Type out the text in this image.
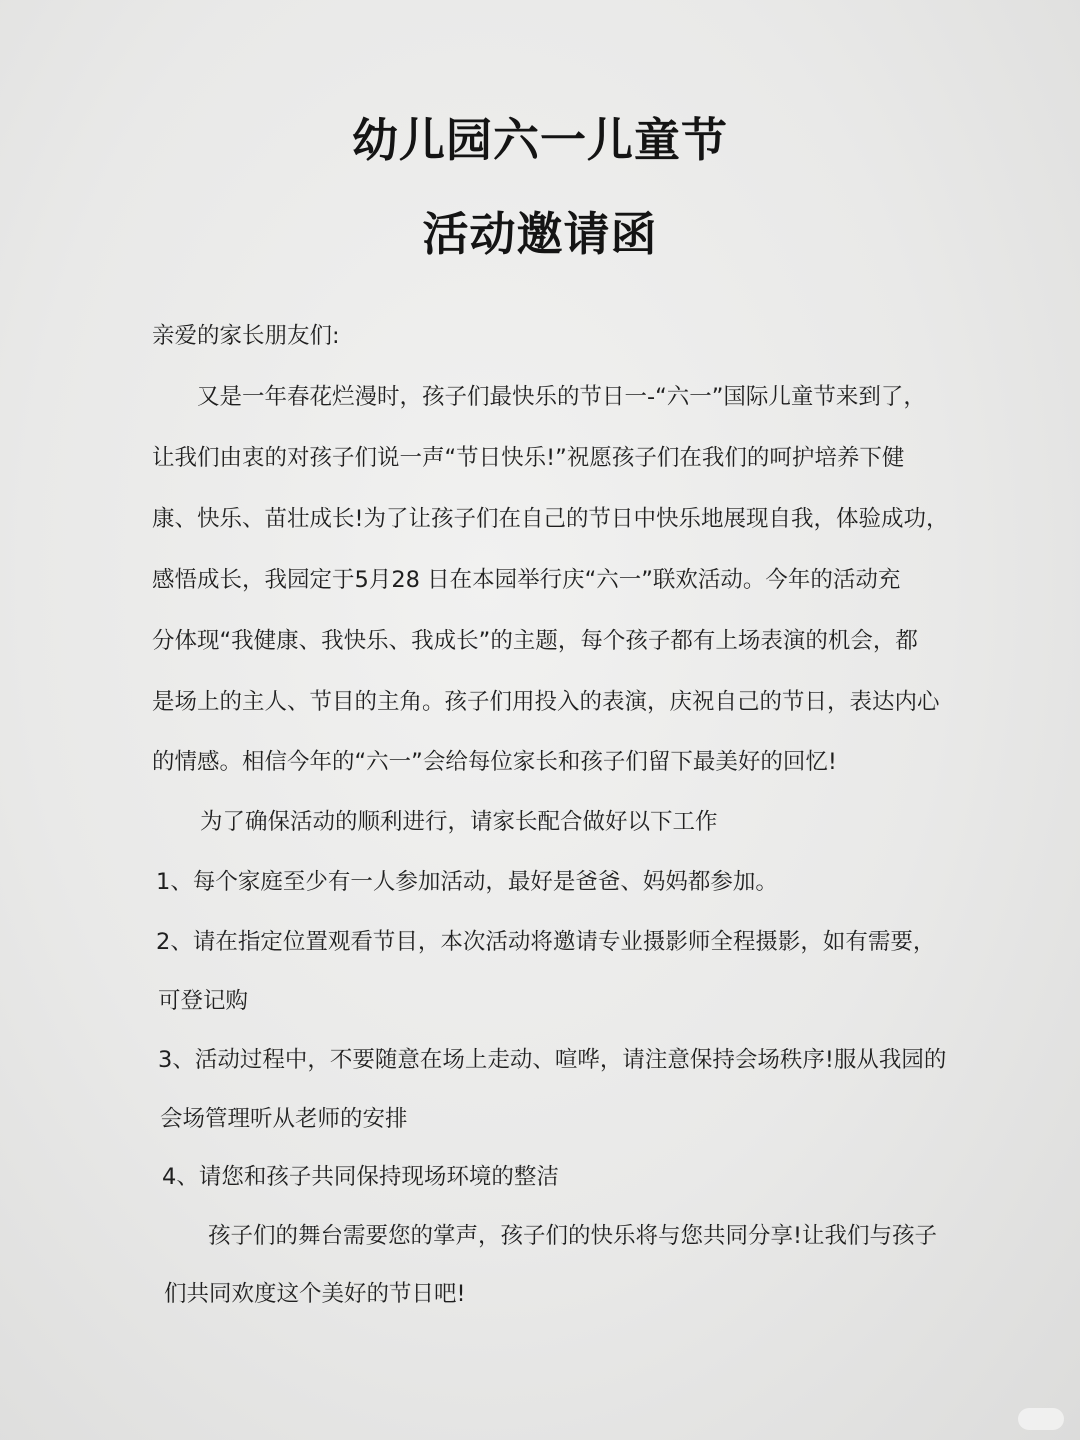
幼儿园六一儿童节
活动邀请函

亲爱的家长朋友们:

又是一年春花烂漫时，孩子们最快乐的节日一-“六一”国际儿童节来到了，

让我们由衷的对孩子们说一声“节日快乐!”祝愿孩子们在我们的呵护培养下健

康、快乐、苗壮成长!为了让孩子们在自己的节日中快乐地展现自我，体验成功，

感悟成长，我园定于5月28 日在本园举行庆“六一”联欢活动。今年的活动充

分体现“我健康、我快乐、我成长”的主题，每个孩子都有上场表演的机会，都

是场上的主人、节目的主角。孩子们用投入的表演，庆祝自己的节日，表达内心

的情感。相信今年的“六一”会给每位家长和孩子们留下最美好的回忆!

为了确保活动的顺利进行，请家长配合做好以下工作

1、每个家庭至少有一人参加活动，最好是爸爸、妈妈都参加。

2、请在指定位置观看节目，本次活动将邀请专业摄影师全程摄影，如有需要，

可登记购

3、活动过程中，不要随意在场上走动、喧哗，请注意保持会场秩序!服从我园的

会场管理听从老师的安排

4、请您和孩子共同保持现场环境的整洁

孩子们的舞台需要您的掌声，孩子们的快乐将与您共同分享!让我们与孩子

们共同欢度这个美好的节日吧!
